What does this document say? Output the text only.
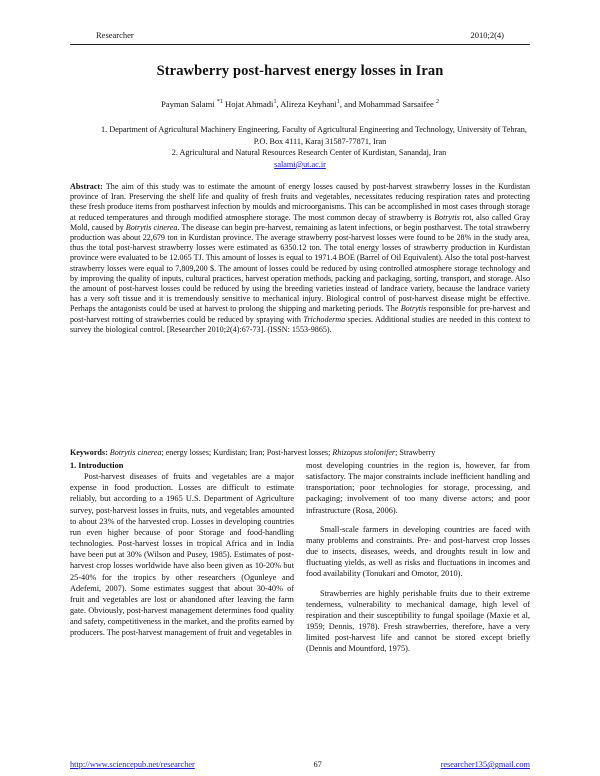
Researcher	2010;2(4)
Strawberry post-harvest energy losses in Iran
Payman Salami $^{*1}$ Hojat Ahmadi$^1$, Alireza Keyhani$^1$, and Mohammad Sarsaifee $^2$
1. Department of Agricultural Machinery Engineering, Faculty of Agricultural Engineering and Technology, University of Tehran, P.O. Box 4111, Karaj 31587-77871, Iran
2. Agricultural and Natural Resources Research Center of Kurdistan, Sanandaj, Iran
salami@ut.ac.ir
Abstract: The aim of this study was to estimate the amount of energy losses caused by post-harvest strawberry losses in the Kurdistan province of Iran. Preserving the shelf life and quality of fresh fruits and vegetables, necessitates reducing respiration rates and protecting these fresh produce items from postharvest infection by moulds and microorganisms. This can be accomplished in most cases through storage at reduced temperatures and through modified atmosphere storage. The most common decay of strawberry is Botrytis rot, also called Gray Mold, caused by Botrytis cinerea. The disease can begin pre-harvest, remaining as latent infections, or begin postharvest. The total strawberry production was about 22,679 ton in Kurdistan province. The average strawberry post-harvest losses were found to be 28% in the study area, thus the total post-harvest strawberry losses were estimated as 6350.12 ton. The total energy losses of strawberry production in Kurdistan province were evaluated to be 12.065 TJ. This amount of losses is equal to 1971.4 BOE (Barrel of Oil Equivalent). Also the total post-harvest strawberry losses were equal to 7,809,200 $. The amount of losses could be reduced by using controlled atmosphere storage technology and by improving the quality of inputs, cultural practices, harvest operation methods, packing and packaging, sorting, transport, and storage. Also the amount of post-harvest losses could be reduced by using the breeding varieties instead of landrace variety, because the landrace variety has a very soft tissue and it is tremendously sensitive to mechanical injury. Biological control of post-harvest disease might be effective. Perhaps the antagonists could be used at harvest to prolong the shipping and marketing periods. The Botrytis responsible for pre-harvest and post-harvest rotting of strawberries could be reduced by spraying with Trichoderma species. Additional studies are needed in this context to survey the biological control. [Researcher 2010;2(4):67-73]. (ISSN: 1553-9865).
Keywords: Botrytis cinerea; energy losses; Kurdistan; Iran; Post-harvest losses; Rhizopus stolonifer; Strawberry

1. Introduction

Post-harvest diseases of fruits and vegetables are a major expense in food production. Losses are difficult to estimate reliably, but according to a 1965 U.S. Department of Agriculture survey, post-harvest losses in fruits, nuts, and vegetables amounted to about 23% of the harvested crop. Losses in developing countries run even higher because of poor Storage and food-handling technologies. Post-harvest losses in tropical Africa and in India have been put at 30% (Wilson and Pusey, 1985). Estimates of post-harvest crop losses worldwide have also been given as 10-20% but 25-40% for the tropics by other researchers (Ogunleye and Adefemi, 2007). Some estimates suggest that about 30-40% of fruit and vegetables are lost or abandoned after leaving the farm gate. Obviously, post-harvest management determines food quality and safety, competitiveness in the market, and the profits earned by producers. The post-harvest management of fruit and vegetables in

most developing countries in the region is, however, far from satisfactory. The major constraints include inefficient handling and transportation; poor technologies for storage, processing, and packaging; involvement of too many diverse actors; and poor infrastructure (Rosa, 2006).

Small-scale farmers in developing countries are faced with many problems and constraints. Pre- and post-harvest crop losses due to insects, diseases, weeds, and droughts result in low and fluctuating yields, as well as risks and fluctuations in incomes and food availability (Tonukari and Omotor, 2010).

Strawberries are highly perishable fruits due to their extreme tenderness, vulnerability to mechanical damage, high level of respiration and their susceptibility to fungal spoilage (Maxie et al, 1959; Dennis, 1978). Fresh strawberries, therefore, have a very limited post-harvest life and cannot be stored except briefly (Dennis and Mountford, 1975).

http://www.sciencepub.net/researcher	67	researcher135@gmail.com
